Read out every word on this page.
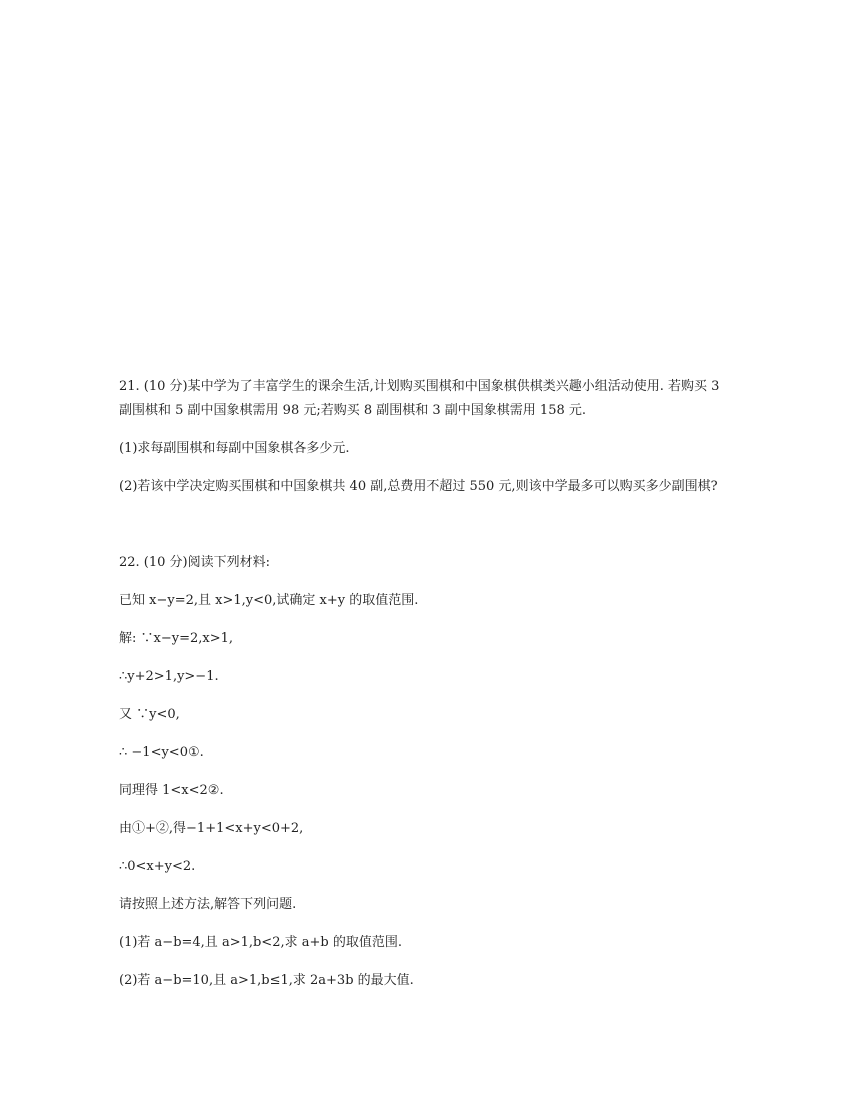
21. (10 分)某中学为了丰富学生的课余生活,计划购买围棋和中国象棋供棋类兴趣小组活动使用. 若购买 3
副围棋和 5 副中国象棋需用 98 元;若购买 8 副围棋和 3 副中国象棋需用 158 元.
(1)求每副围棋和每副中国象棋各多少元.
(2)若该中学决定购买围棋和中国象棋共 40 副,总费用不超过 550 元,则该中学最多可以购买多少副围棋?
22. (10 分)阅读下列材料:
已知 x−y=2,且 x>1,y<0,试确定 x+y 的取值范围.
解: ∵x−y=2,x>1,
∴y+2>1,y>−1.
又 ∵y<0,
∴ −1<y<0①.
同理得 1<x<2②.
由①+②,得−1+1<x+y<0+2,
∴0<x+y<2.
请按照上述方法,解答下列问题.
(1)若 a−b=4,且 a>1,b<2,求 a+b 的取值范围.
(2)若 a−b=10,且 a>1,b≤1,求 2a+3b 的最大值.
